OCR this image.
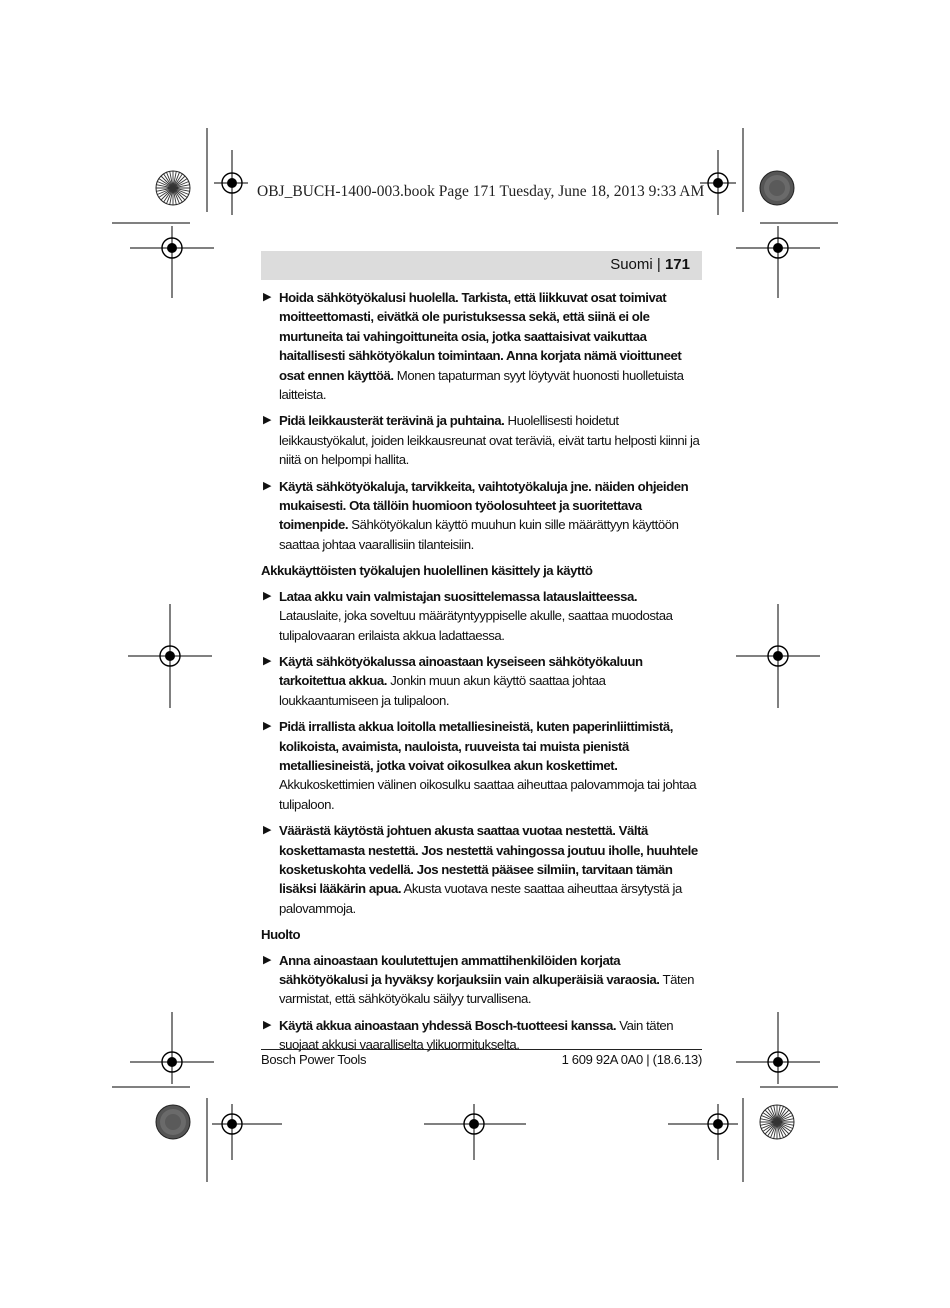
OBJ_BUCH-1400-003.book Page 171 Tuesday, June 18, 2013 9:33 AM
Suomi | 171
▶ Hoida sähkötyökalusi huolella. Tarkista, että liikkuvat osat toimivat moitteettomasti, eivätkä ole puristuksessa sekä, että siinä ei ole murtuneita tai vahingoittuneita osia, jotka saattaisivat vaikuttaa haitallisesti sähkötyökalun toimintaan. Anna korjata nämä vioittuneet osat ennen käyttöä. Monen tapaturman syyt löytyvät huonosti huolletuista laitteista.
▶ Pidä leikkausterät terävinä ja puhtaina. Huolellisesti hoidetut leikkaustyökalut, joiden leikkausreunat ovat teräviä, eivät tartu helposti kiinni ja niitä on helpompi hallita.
▶ Käytä sähkötyökaluja, tarvikkeita, vaihtotyökaluja jne. näiden ohjeiden mukaisesti. Ota tällöin huomioon työolosuhteet ja suoritettava toimenpide. Sähkötyökalun käyttö muuhun kuin sille määrättyyn käyttöön saattaa johtaa vaarallisiin tilanteisiin.
Akkukäyttöisten työkalujen huolellinen käsittely ja käyttö
▶ Lataa akku vain valmistajan suosittelemassa latauslaitteessa. Latauslaite, joka soveltuu määrätyntyyppiselle akulle, saattaa muodostaa tulipalovaaran erilaista akkua ladattaessa.
▶ Käytä sähkötyökalussa ainoastaan kyseiseen sähkötyökaluun tarkoitettua akkua. Jonkin muun akun käyttö saattaa johtaa loukkaantumiseen ja tulipaloon.
▶ Pidä irrallista akkua loitolla metalliesineistä, kuten paperinliittimistä, kolikoista, avaimista, nauloista, ruuveista tai muista pienistä metalliesineistä, jotka voivat oikosulkea akun koskettimet. Akkukoskettimien välinen oikosulku saattaa aiheuttaa palovammoja tai johtaa tulipaloon.
▶ Väärästä käytöstä johtuen akusta saattaa vuotaa nestettä. Vältä koskettamasta nestettä. Jos nestettä vahingossa joutuu iholle, huuhtele kosketuskohta vedellä. Jos nestettä pääsee silmiin, tarvitaan tämän lisäksi lääkärin apua. Akusta vuotava neste saattaa aiheuttaa ärsytystä ja palovammoja.
Huolto
▶ Anna ainoastaan koulutettujen ammattihenkilöiden korjata sähkötyökalusi ja hyväksy korjauksiin vain alkuperäisiä varaosia. Täten varmistat, että sähkötyökalu säilyy turvallisena.
▶ Käytä akkua ainoastaan yhdessä Bosch-tuotteesi kanssa. Vain täten suojaat akkusi vaaralliselta ylikuormitukselta.
Bosch Power Tools	1 609 92A 0A0 | (18.6.13)
